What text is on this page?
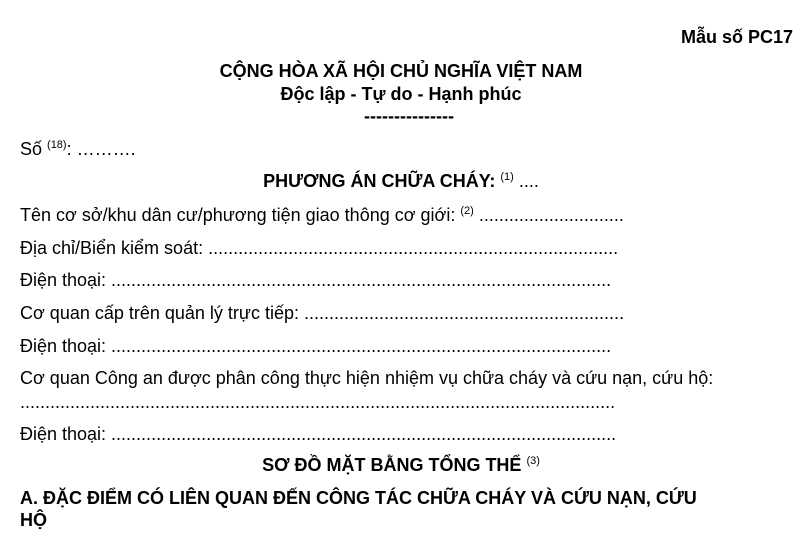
Mẫu số PC17
CỘNG HÒA XÃ HỘI CHỦ NGHĨA VIỆT NAM
Độc lập - Tự do - Hạnh phúc
---------------
Số $^{(18)}$: ……….
PHƯƠNG ÁN CHỮA CHÁY: $^{(1)}$ ....
Tên cơ sở/khu dân cư/phương tiện giao thông cơ giới: $^{(2)}$ .............................
Địa chỉ/Biển kiểm soát: ..................................................................................
Điện thoại: ....................................................................................................
Cơ quan cấp trên quản lý trực tiếp: ................................................................
Điện thoại: ....................................................................................................
Cơ quan Công an được phân công thực hiện nhiệm vụ chữa cháy và cứu nạn, cứu hộ:
.......................................................................................................................
Điện thoại: .....................................................................................................
SƠ ĐỒ MẶT BẰNG TỔNG THỂ $^{(3)}$
A. ĐẶC ĐIỂM CÓ LIÊN QUAN ĐẾN CÔNG TÁC CHỮA CHÁY VÀ CỨU NẠN, CỨU
HỘ
